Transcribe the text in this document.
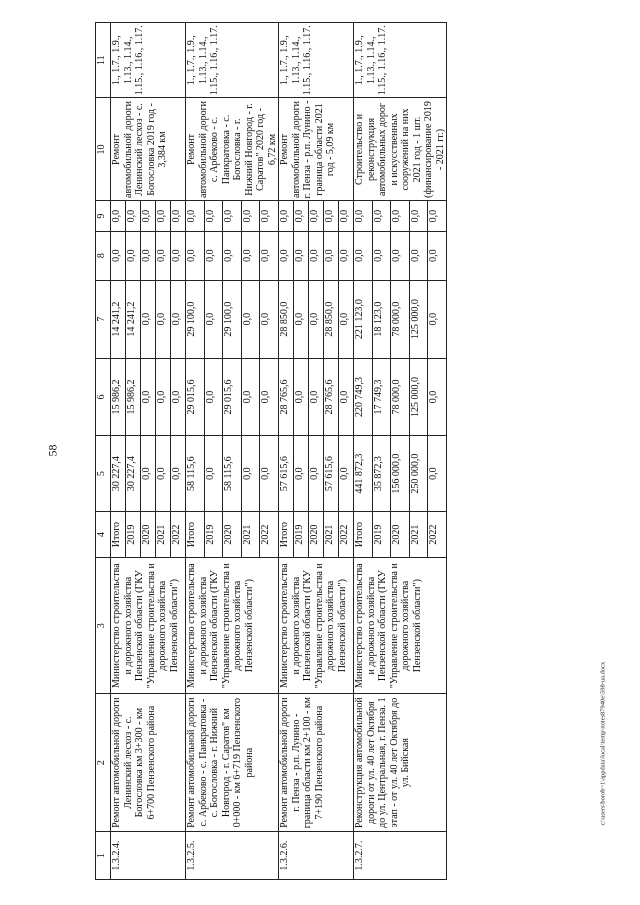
58
1	2	3	4	5	6	7	8	9	10	11
1.3.2.4.	Ремонт автомобильной дороги Ленинский лесхоз - с. Богословка км 3+300 - км 6+700 Пензенского района	Министерство строительства и дорожного хозяйства Пензенской области (ГКУ "Управление строительства и дорожного хозяйства Пензенской области")	Итого	30 227,4	15 986,2	14 241,2	0,0	0,0	Ремонт автомобильной дороги Ленинский лесхоз - с. Богословка 2019 год - 3,384 км	1., 1.7., 1.9., 1.13., 1.14., 1.15., 1.16., 1.17.
			2019	30 227,4	15 986,2	14 241,2	0,0	0,0		
			2020	0,0	0,0	0,0	0,0	0,0		
			2021	0,0	0,0	0,0	0,0	0,0		
			2022	0,0	0,0	0,0	0,0	0,0		
1.3.2.5.	Ремонт автомобильной дороги с. Арбеково - с. Панкратовка - с. Богословка - г. Нижний Новгород - г. Саратов" км 0+000 - км 6+719 Пензенского района	Министерство строительства и дорожного хозяйства Пензенской области (ГКУ "Управление строительства и дорожного хозяйства Пензенской области")	Итого	58 115,6	29 015,6	29 100,0	0,0	0,0	Ремонт автомобильной дороги с. Арбеково - с. Панкратовка - с. Богословка - г. Нижний Новгород - г. Саратов" 2020 год - 6,72 км	1., 1.7., 1.9., 1.13., 1.14., 1.15., 1.16., 1.17.
			2019	0,0	0,0	0,0	0,0	0,0		
			2020	58 115,6	29 015,6	29 100,0	0,0	0,0		
			2021	0,0	0,0	0,0	0,0	0,0		
			2022	0,0	0,0	0,0	0,0	0,0		
1.3.2.6.	Ремонт автомобильной дороги г. Пенза - р.п. Лунино - граница области км 2+100 - км 7+190 Пензенского района	Министерство строительства и дорожного хозяйства Пензенской области (ГКУ "Управление строительства и дорожного хозяйства Пензенской области")	Итого	57 615,6	28 765,6	28 850,0	0,0	0,0	Ремонт автомобильной дороги г. Пенза - р.п. Лунино - граница области 2021 год - 5,09 км	1., 1.7., 1.9., 1.13., 1.14., 1.15., 1.16., 1.17.
			2019	0,0	0,0	0,0	0,0	0,0		
			2020	0,0	0,0	0,0	0,0	0,0		
			2021	57 615,6	28 765,6	28 850,0	0,0	0,0		
			2022	0,0	0,0	0,0	0,0	0,0		
1.3.2.7.	Реконструкция автомобильной дороги от ул. 40 лет Октября до ул. Центральная, г. Пенза. 1 этап - от ул. 40 лет Октября до ул. Бийская	Министерство строительства и дорожного хозяйства Пензенской области (ГКУ "Управление строительства и дорожного хозяйства Пензенской области")	Итого	441 872,3	220 749,3	221 123,0	0,0	0,0	Строительство и реконструкция автомобильных дорог и искусственных сооружений на них 2021 год - 1 шт. (финансирование 2019 - 2021 гг.)	1., 1.7., 1.9., 1.13., 1.14., 1.15., 1.16., 1.17.
			2019	35 872,3	17 749,3	18 123,0	0,0	0,0		
			2020	156 000,0	78 000,0	78 000,0	0,0	0,0		
			2021	250 000,0	125 000,0	125 000,0	0,0	0,0		
			2022	0,0	0,0	0,0	0,0	0,0		
c:\users\borob~1\appdata\local\temp\notes87940e\598-ua.docx
